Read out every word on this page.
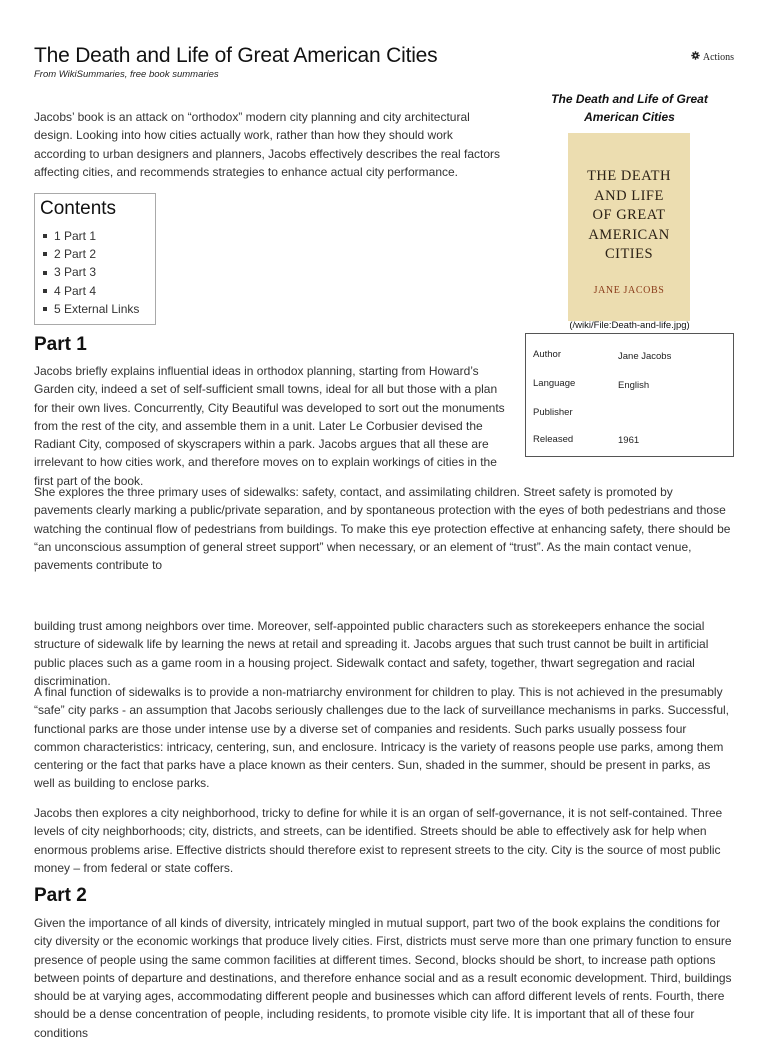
The Death and Life of Great American Cities
From WikiSummaries, free book summaries
Actions

Jacobs’ book is an attack on “orthodox” modern city planning and city architectural design. Looking into how cities actually work, rather than how they should work according to urban designers and planners, Jacobs effectively describes the real factors affecting cities, and recommends strategies to enhance actual city performance.

Contents
1 Part 1
2 Part 2
3 Part 3
4 Part 4
5 External Links
Part 1

Jacobs briefly explains influential ideas in orthodox planning, starting from Howard’s Garden city, indeed a set of self-sufficient small towns, ideal for all but those with a plan for their own lives. Concurrently, City Beautiful was developed to sort out the monuments from the rest of the city, and assemble them in a unit. Later Le Corbusier devised the Radiant City, composed of skyscrapers within a park. Jacobs argues that all these are irrelevant to how cities work, and therefore moves on to explain workings of cities in the first part of the book.

She explores the three primary uses of sidewalks: safety, contact, and assimilating children. Street safety is promoted by pavements clearly marking a public/private separation, and by spontaneous protection with the eyes of both pedestrians and those watching the continual flow of pedestrians from buildings. To make this eye protection effective at enhancing safety, there should be “an unconscious assumption of general street support” when necessary, or an element of “trust”. As the main contact venue, pavements contribute to

building trust among neighbors over time. Moreover, self-appointed public characters such as storekeepers enhance the social structure of sidewalk life by learning the news at retail and spreading it. Jacobs argues that such trust cannot be built in artificial public places such as a game room in a housing project. Sidewalk contact and safety, together, thwart segregation and racial discrimination.

A final function of sidewalks is to provide a non-matriarchy environment for children to play. This is not achieved in the presumably “safe” city parks - an assumption that Jacobs seriously challenges due to the lack of surveillance mechanisms in parks. Successful, functional parks are those under intense use by a diverse set of companies and residents. Such parks usually possess four common characteristics: intricacy, centering, sun, and enclosure. Intricacy is the variety of reasons people use parks, among them centering or the fact that parks have a place known as their centers. Sun, shaded in the summer, should be present in parks, as well as building to enclose parks.

Jacobs then explores a city neighborhood, tricky to define for while it is an organ of self-governance, it is not self-contained. Three levels of city neighborhoods; city, districts, and streets, can be identified. Streets should be able to effectively ask for help when enormous problems arise. Effective districts should therefore exist to represent streets to the city. City is the source of most public money – from federal or state coffers.

Part 2

Given the importance of all kinds of diversity, intricately mingled in mutual support, part two of the book explains the conditions for city diversity or the economic workings that produce lively cities. First, districts must serve more than one primary function to ensure presence of people using the same common facilities at different times. Second, blocks should be short, to increase path options between points of departure and destinations, and therefore enhance social and as a result economic development. Third, buildings should be at varying ages, accommodating different people and businesses which can afford different levels of rents. Fourth, there should be a dense concentration of people, including residents, to promote visible city life. It is important that all of these four conditions

The Death and Life of Great American Cities
THE DEATH
AND LIFE
OF GREAT
AMERICAN
CITIES
JANE JACOBS
(/wiki/File:Death-and-life.jpg)
Author	Jane Jacobs
Language	English
Publisher
Released	1961
